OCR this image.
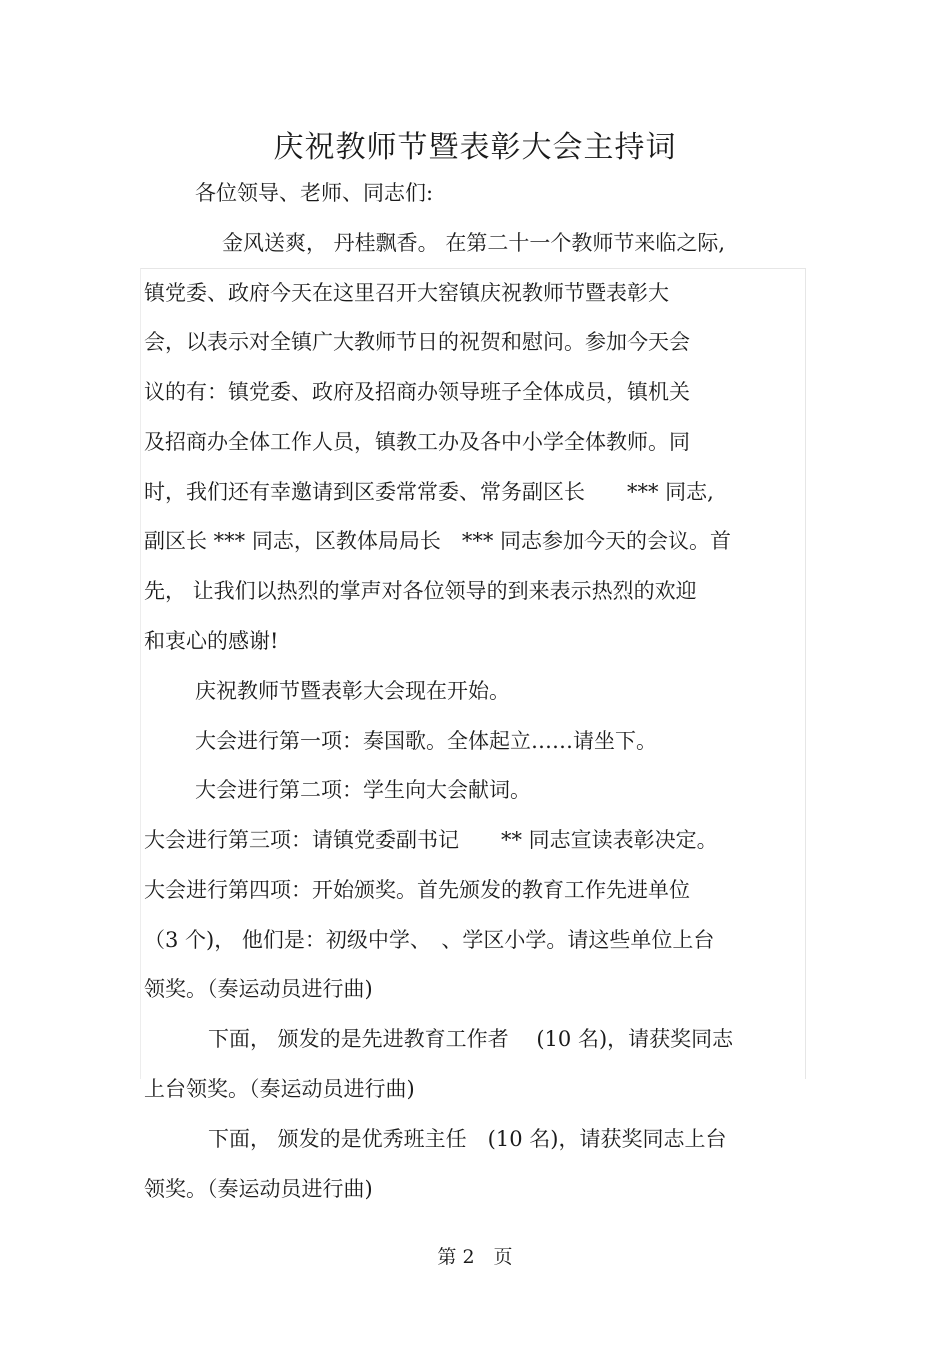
庆祝教师节暨表彰大会主持词
各位领导、老师、同志们:
金风送爽， 丹桂飘香。 在第二十一个教师节来临之际,
镇党委、政府今天在这里召开大窑镇庆祝教师节暨表彰大
会，以表示对全镇广大教师节日的祝贺和慰问。参加今天会
议的有：镇党委、政府及招商办领导班子全体成员，镇机关
及招商办全体工作人员，镇教工办及各中小学全体教师。同
时，我们还有幸邀请到区委常常委、常务副区长　　*** 同志,
副区长 *** 同志，区教体局局长　*** 同志参加今天的会议。首
先， 让我们以热烈的掌声对各位领导的到来表示热烈的欢迎
和衷心的感谢!
庆祝教师节暨表彰大会现在开始。
大会进行第一项：奏国歌。全体起立……请坐下。
大会进行第二项：学生向大会献词。
大会进行第三项：请镇党委副书记　　** 同志宣读表彰决定。
大会进行第四项：开始颁奖。首先颁发的教育工作先进单位
（3 个)， 他们是：初级中学、　、学区小学。请这些单位上台
领奖。（奏运动员进行曲)
下面， 颁发的是先进教育工作者　 (10 名)，请获奖同志
上台领奖。（奏运动员进行曲)
下面， 颁发的是优秀班主任　(10 名)，请获奖同志上台
领奖。（奏运动员进行曲)
第 2　页
